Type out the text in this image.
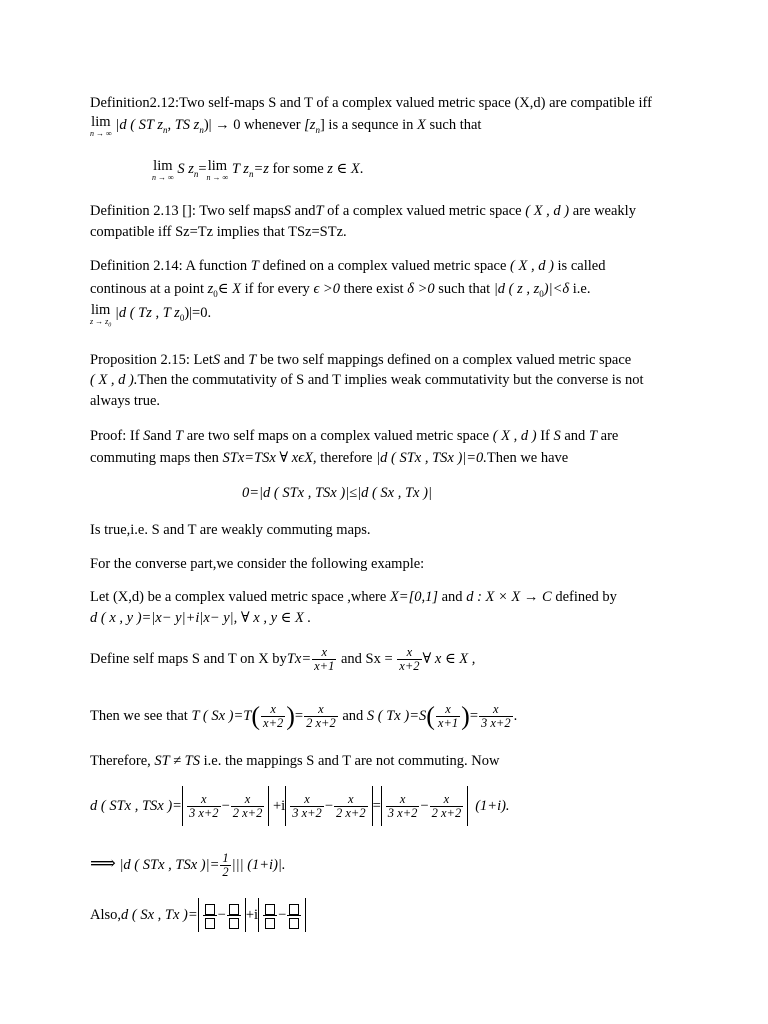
Definition2.12:Two self-maps S and T of a complex valued metric space (X,d) are compatible iff
lim
n → ∞
|d ( ST $z_n$, TS $z_n)| \to 0$ whenever $[z_n]$ is a sequnce in X such that
lim
n → ∞
S $z_n=\lim$
n → ∞
T $z_n=z$ for some z ∈ X.
Definition 2.13 []: Two self mapsS andT of a complex valued metric space ( X , d ) are weakly
compatible iff Sz=Tz implies that TSz=STz.
Definition 2.14: A function T defined on a complex valued metric space ( X , d ) is called
continous at a point $z_0\in$ X if for every ϵ >0 there exist δ >0 such that |d ( z , $z_0)|<\delta$ i.e.
lim
$z \to z_0$
|d ( Tz , T $z_0)|=0$.
Proposition 2.15: LetS and T be two self mappings defined on a complex valued metric space
( X , d ).Then the commutativity of S and T implies weak commutativity but the converse is not
always true.
Proof: If Sand T are two self maps on a complex valued metric space ( X , d ) If S and T are
commuting maps then STx=TSx ∀ xϵX, therefore |d ( STx , TSx )|=0.Then we have
0=|d ( STx , TSx )|≤|d ( Sx , Tx )|
Is true,i.e. S and T are weakly commuting maps.
For the converse part,we consider the following example:
Let (X,d) be a complex valued metric space ,where X=[0,1] and d : X × X → C defined by
d ( x , y )=|x− y|+i|x− y|, ∀ x , y ∈ X .
Define self maps S and T on X byTx= $\frac{x}{x+1}$ and $Sx = \frac{x}{x+2}$ ∀ x ∈ X ,
Then we see that T ( Sx )$=T( \frac{x}{x+2}$ )= $\frac{x}{2 x+2}$ and S ( Tx )$=S( \frac{x}{x+1}$ )= $\frac{x}{3 x+2}$ .
Therefore, ST ≠ TS i.e. the mappings S and T are not commuting. Now
d ( STx , TSx )= $\frac{x}{3 x+2} - \frac{x}{2 x+2} +i \frac{x}{3 x+2} - \frac{x}{2 x+2} = \frac{x}{3 x+2} - \frac{x}{2 x+2} (1+i)$.
⟹ |d ( STx , TSx )|= $\frac{1}{2}$ ||| (1+i)|.
Also,d ( Sx , Tx )= − +i −
